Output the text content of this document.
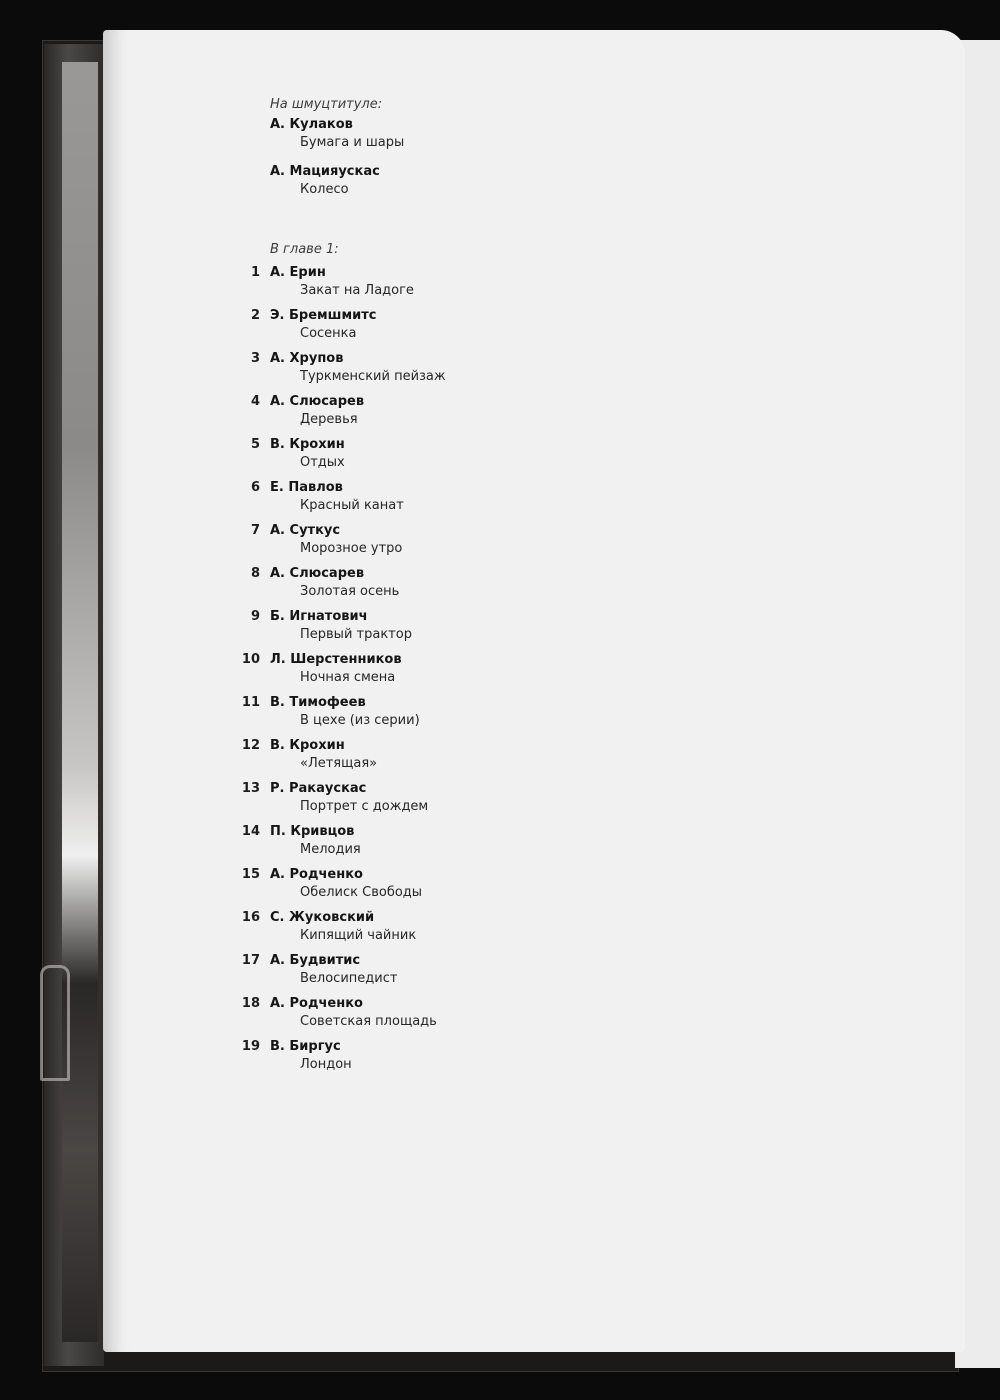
На шмуцтитуле:

А. Кулаков
Бумага и шары
А. Мацияускас
Колесо

В главе 1:

1 А. Ерин
Закат на Ладоге
2 Э. Бремшмитс
Сосенка
3 А. Хрупов
Туркменский пейзаж
4 А. Слюсарев
Деревья
5 В. Крохин
Отдых
6 Е. Павлов
Красный канат
7 А. Суткус
Морозное утро
8 А. Слюсарев
Золотая осень
9 Б. Игнатович
Первый трактор
10 Л. Шерстенников
Ночная смена
11 В. Тимофеев
В цехе (из серии)
12 В. Крохин
«Летящая»
13 Р. Ракаускас
Портрет с дождем
14 П. Кривцов
Мелодия
15 А. Родченко
Обелиск Свободы
16 С. Жуковский
Кипящий чайник
17 А. Будвитис
Велосипедист
18 А. Родченко
Советская площадь
19 В. Биргус
Лондон
